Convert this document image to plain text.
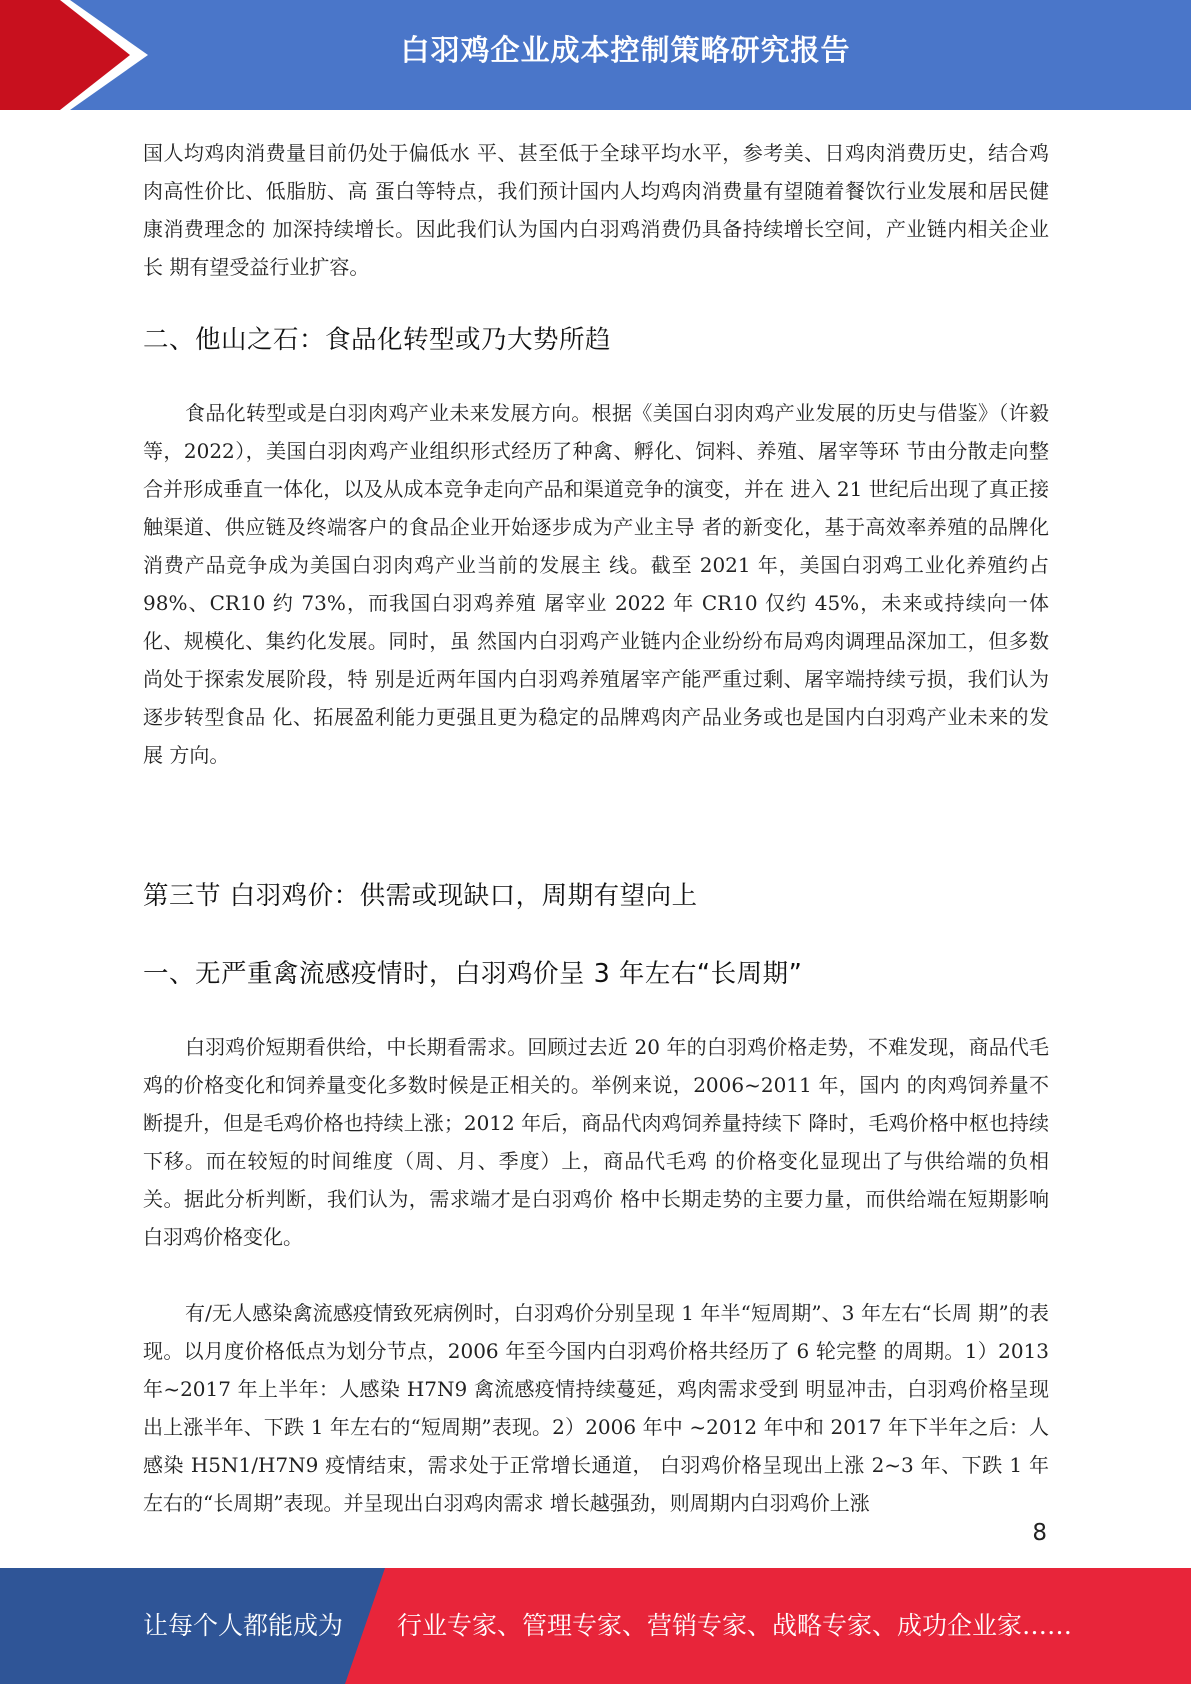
白羽鸡企业成本控制策略研究报告

国人均鸡肉消费量目前仍处于偏低水 平、甚至低于全球平均水平，参考美、日鸡肉消费历史，结合鸡肉高性价比、低脂肪、高 蛋白等特点，我们预计国内人均鸡肉消费量有望随着餐饮行业发展和居民健康消费理念的 加深持续增长。因此我们认为国内白羽鸡消费仍具备持续增长空间，产业链内相关企业长 期有望受益行业扩容。

二、他山之石：食品化转型或乃大势所趋

食品化转型或是白羽肉鸡产业未来发展方向。根据《美国白羽肉鸡产业发展的历史与借鉴》（许毅等，2022），美国白羽肉鸡产业组织形式经历了种禽、孵化、饲料、养殖、屠宰等环 节由分散走向整合并形成垂直一体化，以及从成本竞争走向产品和渠道竞争的演变，并在 进入 21 世纪后出现了真正接触渠道、供应链及终端客户的食品企业开始逐步成为产业主导 者的新变化，基于高效率养殖的品牌化消费产品竞争成为美国白羽肉鸡产业当前的发展主 线。截至 2021 年，美国白羽鸡工业化养殖约占 98%、CR10 约 73%，而我国白羽鸡养殖 屠宰业 2022 年 CR10 仅约 45%，未来或持续向一体化、规模化、集约化发展。同时，虽 然国内白羽鸡产业链内企业纷纷布局鸡肉调理品深加工，但多数尚处于探索发展阶段，特 别是近两年国内白羽鸡养殖屠宰产能严重过剩、屠宰端持续亏损，我们认为逐步转型食品 化、拓展盈利能力更强且更为稳定的品牌鸡肉产品业务或也是国内白羽鸡产业未来的发展 方向。

第三节 白羽鸡价：供需或现缺口，周期有望向上
一、无严重禽流感疫情时，白羽鸡价呈 3 年左右“长周期”

白羽鸡价短期看供给，中长期看需求。回顾过去近 20 年的白羽鸡价格走势，不难发现，商品代毛鸡的价格变化和饲养量变化多数时候是正相关的。举例来说，2006~2011 年，国内 的肉鸡饲养量不断提升，但是毛鸡价格也持续上涨；2012 年后，商品代肉鸡饲养量持续下 降时，毛鸡价格中枢也持续下移。而在较短的时间维度（周、月、季度）上，商品代毛鸡 的价格变化显现出了与供给端的负相关。据此分析判断，我们认为，需求端才是白羽鸡价 格中长期走势的主要力量，而供给端在短期影响白羽鸡价格变化。

有/无人感染禽流感疫情致死病例时，白羽鸡价分别呈现 1 年半“短周期”、3 年左右“长周 期”的表现。以月度价格低点为划分节点，2006 年至今国内白羽鸡价格共经历了 6 轮完整 的周期。1）2013 年~2017 年上半年：人感染 H7N9 禽流感疫情持续蔓延，鸡肉需求受到 明显冲击，白羽鸡价格呈现出上涨半年、下跌 1 年左右的“短周期”表现。2）2006 年中 ~2012 年中和 2017 年下半年之后：人感染 H5N1/H7N9 疫情结束，需求处于正常增长通道， 白羽鸡价格呈现出上涨 2~3 年、下跌 1 年左右的“长周期”表现。并呈现出白羽鸡肉需求 增长越强劲，则周期内白羽鸡价上涨

8
让每个人都能成为 行业专家、管理专家、营销专家、战略专家、成功企业家……
